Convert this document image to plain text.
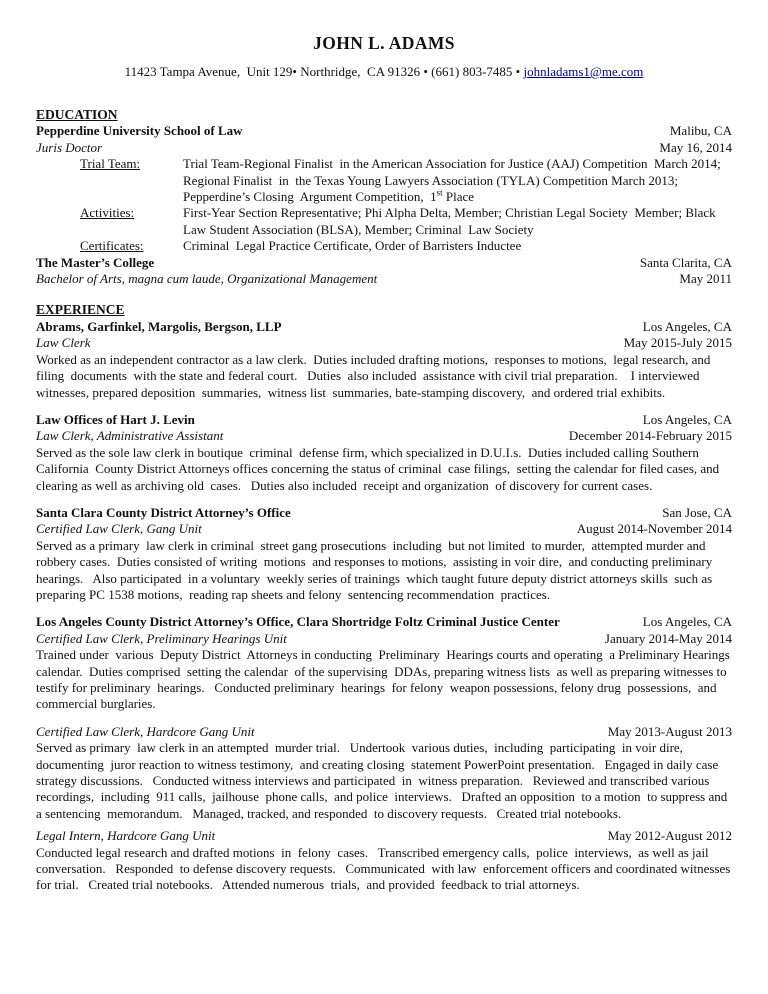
JOHN L. ADAMS
11423 Tampa Avenue,  Unit 129• Northridge,  CA 91326 • (661) 803-7485 • johnladams1@me.com
EDUCATION
Pepperdine University School of Law	Malibu, CA
Juris Doctor	May 16, 2014
Trial Team:	Trial Team-Regional Finalist  in the American Association for Justice (AAJ) Competition  March 2014; Regional Finalist  in  the Texas Young Lawyers Association (TYLA) Competition March 2013; Pepperdine’s Closing  Argument Competition,  1st Place
Activities:	First-Year Section Representative; Phi Alpha Delta, Member; Christian Legal Society  Member; Black Law Student Association (BLSA), Member; Criminal  Law Society
Certificates:	Criminal  Legal Practice Certificate, Order of Barristers Inductee
The Master’s College	Santa Clarita, CA
Bachelor of Arts, magna cum laude, Organizational Management	May 2011
EXPERIENCE
Abrams, Garfinkel, Margolis, Bergson, LLP	Los Angeles, CA
Law Clerk	May 2015-July 2015
Worked as an independent contractor as a law clerk.  Duties included drafting motions,  responses to motions,  legal research, and filing  documents  with the state and federal court.   Duties  also included  assistance with civil trial preparation.    I interviewed witnesses, prepared deposition  summaries,  witness list  summaries, bate-stamping discovery,  and ordered trial exhibits.
Law Offices of Hart J. Levin	Los Angeles, CA
Law Clerk, Administrative Assistant	December 2014-February 2015
Served as the sole law clerk in boutique  criminal  defense firm, which specialized in D.U.I.s.  Duties included calling Southern California  County District Attorneys offices concerning the status of criminal  case filings,  setting the calendar for filed cases, and clearing as well as archiving old  cases.   Duties also included  receipt and organization  of discovery for current cases.
Santa Clara County District Attorney’s Office	San Jose, CA
Certified Law Clerk, Gang Unit	August 2014-November 2014
Served as a primary  law clerk in criminal  street gang prosecutions  including  but not limited  to murder,  attempted murder and robbery cases.  Duties consisted of writing  motions  and responses to motions,  assisting in voir dire,  and conducting preliminary  hearings.   Also participated  in a voluntary  weekly series of trainings  which taught future deputy district attorneys skills  such as preparing PC 1538 motions,  reading rap sheets and felony  sentencing recommendation  practices.
Los Angeles County District Attorney’s Office, Clara Shortridge Foltz Criminal Justice Center	Los Angeles, CA
Certified Law Clerk, Preliminary Hearings Unit	January 2014-May 2014
Trained under  various  Deputy District  Attorneys in conducting  Preliminary  Hearings courts and operating  a Preliminary Hearings calendar.  Duties comprised  setting the calendar  of the supervising  DDAs, preparing witness lists  as well as preparing witnesses to testify for preliminary  hearings.   Conducted preliminary  hearings  for felony  weapon possessions, felony drug  possessions,  and commercial burglaries.
Certified Law Clerk, Hardcore Gang Unit	May 2013-August 2013
Served as primary  law clerk in an attempted  murder trial.   Undertook  various duties,  including  participating  in voir dire, documenting  juror reaction to witness testimony,  and creating closing  statement PowerPoint presentation.   Engaged in daily case strategy discussions.   Conducted witness interviews and participated  in  witness preparation.   Reviewed and transcribed various  recordings,  including  911 calls,  jailhouse  phone calls,  and police  interviews.   Drafted an opposition  to a motion  to suppress and a sentencing  memorandum.   Managed, tracked, and responded  to discovery requests.   Created trial notebooks.
Legal Intern, Hardcore Gang Unit	May 2012-August 2012
Conducted legal research and drafted motions  in  felony  cases.   Transcribed emergency calls,  police  interviews,  as well as jail conversation.   Responded  to defense discovery requests.   Communicated  with law  enforcement officers and coordinated witnesses for trial.   Created trial notebooks.   Attended numerous  trials,  and provided  feedback to trial attorneys.
